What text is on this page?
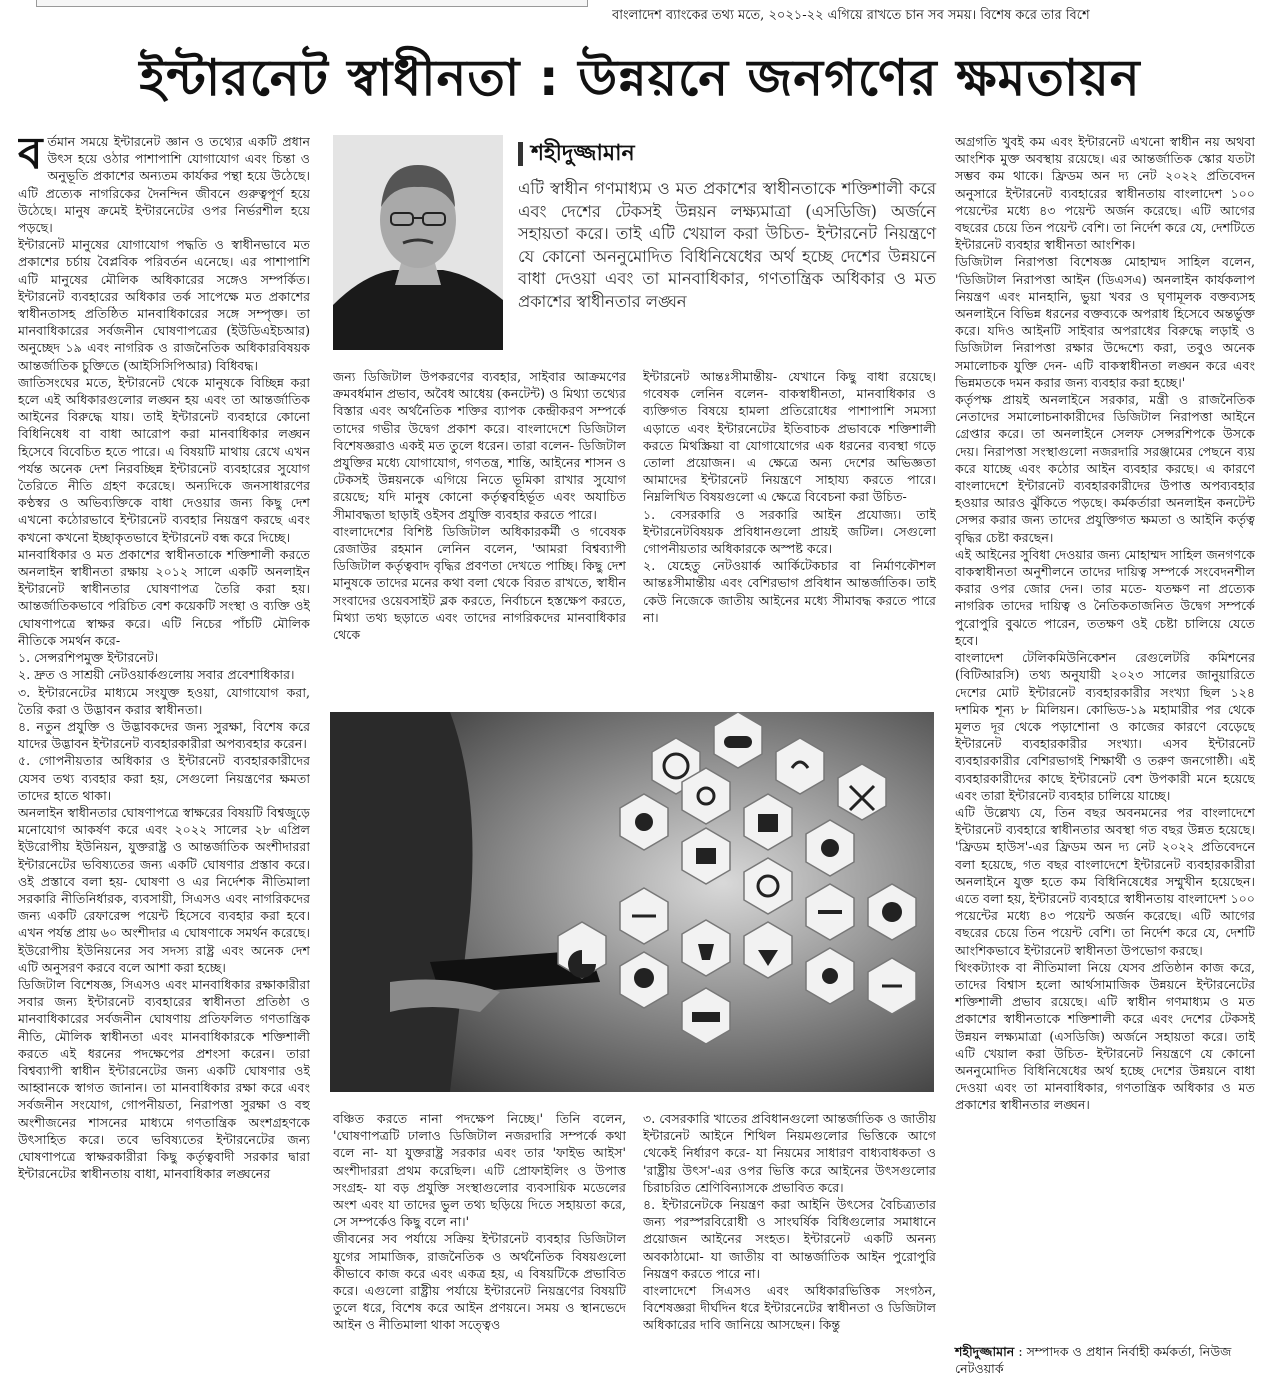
বাংলাদেশ ব্যাংকের তথ্য মতে, ২০২১-২২ এগিয়ে রাখতে চান সব সময়। বিশেষ করে তার বিশে
ইন্টারনেট স্বাধীনতা : উন্নয়নে জনগণের ক্ষমতায়ন

বর্তমান সময়ে ইন্টারনেট জ্ঞান ও তথ্যের একটি প্রধান উৎস হয়ে ওঠার পাশাপাশি যোগাযোগ এবং চিন্তা ও অনুভূতি প্রকাশের অন্যতম কার্যকর পন্থা হয়ে উঠেছে। এটি প্রত্যেক নাগরিকের দৈনন্দিন জীবনে গুরুত্বপূর্ণ হয়ে উঠেছে। মানুষ ক্রমেই ইন্টারনেটের ওপর নির্ভরশীল হয়ে পড়ছে।

ইন্টারনেট মানুষের যোগাযোগ পদ্ধতি ও স্বাধীনভাবে মত প্রকাশের চর্চায় বৈপ্লবিক পরিবর্তন এনেছে। এর পাশাপাশি এটি মানুষের মৌলিক অধিকারের সঙ্গেও সম্পর্কিত। ইন্টারনেট ব্যবহারের অধিকার তর্ক সাপেক্ষে মত প্রকাশের স্বাধীনতাসহ প্রতিষ্ঠিত মানবাধিকারের সঙ্গে সম্পৃক্ত। তা মানবাধিকারের সর্বজনীন ঘোষণাপত্রের (ইউডিএইচআর) অনুচ্ছেদ ১৯ এবং নাগরিক ও রাজনৈতিক অধিকারবিষয়ক আন্তর্জাতিক চুক্তিতে (আইসিসিপিআর) বিধিবদ্ধ।

জাতিসংঘের মতে, ইন্টারনেট থেকে মানুষকে বিচ্ছিন্ন করা হলে এই অধিকারগুলোর লঙ্ঘন হয় এবং তা আন্তর্জাতিক আইনের বিরুদ্ধে যায়। তাই ইন্টারনেট ব্যবহারে কোনো বিধিনিষেধ বা বাধা আরোপ করা মানবাধিকার লঙ্ঘন হিসেবে বিবেচিত হতে পারে। এ বিষয়টি মাথায় রেখে এখন পর্যন্ত অনেক দেশ নিরবচ্ছিন্ন ইন্টারনেট ব্যবহারের সুযোগ তৈরিতে নীতি গ্রহণ করেছে। অন্যদিকে জনসাধারণের কণ্ঠস্বর ও অভিব্যক্তিকে বাধা দেওয়ার জন্য কিছু দেশ এখনো কঠোরভাবে ইন্টারনেট ব্যবহার নিয়ন্ত্রণ করছে এবং কখনো কখনো ইচ্ছাকৃতভাবে ইন্টারনেট বন্ধ করে দিচ্ছে।

মানবাধিকার ও মত প্রকাশের স্বাধীনতাকে শক্তিশালী করতে অনলাইন স্বাধীনতা রক্ষায় ২০১২ সালে একটি অনলাইন ইন্টারনেট স্বাধীনতার ঘোষণাপত্র তৈরি করা হয়। আন্তর্জাতিকভাবে পরিচিত বেশ কয়েকটি সংস্থা ও ব্যক্তি ওই ঘোষণাপত্রে স্বাক্ষর করে। এটি নিচের পাঁচটি মৌলিক নীতিকে সমর্থন করে-

১. সেন্সরশিপমুক্ত ইন্টারনেট।

২. দ্রুত ও সাশ্রয়ী নেটওয়ার্কগুলোয় সবার প্রবেশাধিকার।

৩. ইন্টারনেটের মাধ্যমে সংযুক্ত হওয়া, যোগাযোগ করা, তৈরি করা ও উদ্ভাবন করার স্বাধীনতা।

৪. নতুন প্রযুক্তি ও উদ্ভাবকদের জন্য সুরক্ষা, বিশেষ করে যাদের উদ্ভাবন ইন্টারনেট ব্যবহারকারীরা অপব্যবহার করেন।

৫. গোপনীয়তার অধিকার ও ইন্টারনেট ব্যবহারকারীদের যেসব তথ্য ব্যবহার করা হয়, সেগুলো নিয়ন্ত্রণের ক্ষমতা তাদের হাতে থাকা।

অনলাইন স্বাধীনতার ঘোষণাপত্রে স্বাক্ষরের বিষয়টি বিশ্বজুড়ে মনোযোগ আকর্ষণ করে এবং ২০২২ সালের ২৮ এপ্রিল ইউরোপীয় ইউনিয়ন, যুক্তরাষ্ট্র ও আন্তর্জাতিক অংশীদাররা ইন্টারনেটের ভবিষ্যতের জন্য একটি ঘোষণার প্রস্তাব করে। ওই প্রস্তাবে বলা হয়- ঘোষণা ও এর নির্দেশক নীতিমালা সরকারি নীতিনির্ধারক, ব্যবসায়ী, সিএসও এবং নাগরিকদের জন্য একটি রেফারেন্স পয়েন্ট হিসেবে ব্যবহার করা হবে। এখন পর্যন্ত প্রায় ৬০ অংশীদার এ ঘোষণাকে সমর্থন করেছে। ইউরোপীয় ইউনিয়নের সব সদস্য রাষ্ট্র এবং অনেক দেশ এটি অনুসরণ করবে বলে আশা করা হচ্ছে।

ডিজিটাল বিশেষজ্ঞ, সিএসও এবং মানবাধিকার রক্ষাকারীরা সবার জন্য ইন্টারনেট ব্যবহারের স্বাধীনতা প্রতিষ্ঠা ও মানবাধিকারের সর্বজনীন ঘোষণায় প্রতিফলিত গণতান্ত্রিক নীতি, মৌলিক স্বাধীনতা এবং মানবাধিকারকে শক্তিশালী করতে এই ধরনের পদক্ষেপের প্রশংসা করেন। তারা বিশ্বব্যাপী স্বাধীন ইন্টারনেটের জন্য একটি ঘোষণার ওই আহ্বানকে স্বাগত জানান। তা মানবাধিকার রক্ষা করে এবং সর্বজনীন সংযোগ, গোপনীয়তা, নিরাপত্তা সুরক্ষা ও বহু অংশীজনের শাসনের মাধ্যমে গণতান্ত্রিক অংশগ্রহণকে উৎসাহিত করে। তবে ভবিষ্যতের ইন্টারনেটের জন্য ঘোষণাপত্রে স্বাক্ষরকারীরা কিছু কর্তৃত্ববাদী সরকার দ্বারা ইন্টারনেটের স্বাধীনতায় বাধা, মানবাধিকার লঙ্ঘনের

শহীদুজ্জামান
এটি স্বাধীন গণমাধ্যম ও মত প্রকাশের স্বাধীনতাকে শক্তিশালী করে এবং দেশের টেকসই উন্নয়ন লক্ষ্যমাত্রা (এসডিজি) অর্জনে সহায়তা করে। তাই এটি খেয়াল করা উচিত- ইন্টারনেট নিয়ন্ত্রণে যে কোনো অননুমোদিত বিধিনিষেধের অর্থ হচ্ছে দেশের উন্নয়নে বাধা দেওয়া এবং তা মানবাধিকার, গণতান্ত্রিক অধিকার ও মত প্রকাশের স্বাধীনতার লঙ্ঘন

জন্য ডিজিটাল উপকরণের ব্যবহার, সাইবার আক্রমণের ক্রমবর্ধমান প্রভাব, অবৈধ আধেয় (কনটেন্ট) ও মিথ্যা তথ্যের বিস্তার এবং অর্থনৈতিক শক্তির ব্যাপক কেন্দ্রীকরণ সম্পর্কে তাদের গভীর উদ্বেগ প্রকাশ করে। বাংলাদেশে ডিজিটাল বিশেষজ্ঞরাও একই মত তুলে ধরেন। তারা বলেন- ডিজিটাল প্রযুক্তির মধ্যে যোগাযোগ, গণতন্ত্র, শান্তি, আইনের শাসন ও টেকসই উন্নয়নকে এগিয়ে নিতে ভূমিকা রাখার সুযোগ রয়েছে; যদি মানুষ কোনো কর্তৃত্ববহির্ভূত এবং অযাচিত সীমাবদ্ধতা ছাড়াই ওইসব প্রযুক্তি ব্যবহার করতে পারে।

বাংলাদেশের বিশিষ্ট ডিজিটাল অধিকারকর্মী ও গবেষক রেজাউর রহমান লেনিন বলেন, 'আমরা বিশ্বব্যাপী ডিজিটাল কর্তৃত্ববাদ বৃদ্ধির প্রবণতা দেখতে পাচ্ছি। কিছু দেশ মানুষকে তাদের মনের কথা বলা থেকে বিরত রাখতে, স্বাধীন সংবাদের ওয়েবসাইট ব্লক করতে, নির্বাচনে হস্তক্ষেপ করতে, মিথ্যা তথ্য ছড়াতে এবং তাদের নাগরিকদের মানবাধিকার থেকে

ইন্টারনেট আন্তঃসীমান্তীয়- যেখানে কিছু বাধা রয়েছে। গবেষক লেনিন বলেন- বাকস্বাধীনতা, মানবাধিকার ও ব্যক্তিগত বিষয়ে হামলা প্রতিরোধের পাশাপাশি সমস্যা এড়াতে এবং ইন্টারনেটের ইতিবাচক প্রভাবকে শক্তিশালী করতে মিথস্ক্রিয়া বা যোগাযোগের এক ধরনের ব্যবস্থা গড়ে তোলা প্রয়োজন। এ ক্ষেত্রে অন্য দেশের অভিজ্ঞতা আমাদের ইন্টারনেট নিয়ন্ত্রণে সাহায্য করতে পারে। নিম্নলিখিত বিষয়গুলো এ ক্ষেত্রে বিবেচনা করা উচিত-

১. বেসরকারি ও সরকারি আইন প্রযোজ্য। তাই ইন্টারনেটবিষয়ক প্রবিধানগুলো প্রায়ই জটিল। সেগুলো গোপনীয়তার অধিকারকে অস্পষ্ট করে।

২. যেহেতু নেটওয়ার্ক আর্কিটেকচার বা নির্মাণকৌশল আন্তঃসীমান্তীয় এবং বেশিরভাগ প্রবিধান আন্তর্জাতিক। তাই কেউ নিজেকে জাতীয় আইনের মধ্যে সীমাবদ্ধ করতে পারে না।

বঞ্চিত করতে নানা পদক্ষেপ নিচ্ছে।' তিনি বলেন, 'ঘোষণাপত্রটি ঢালাও ডিজিটাল নজরদারি সম্পর্কে কথা বলে না- যা যুক্তরাষ্ট্র সরকার এবং তার 'ফাইভ আইস' অংশীদাররা প্রথম করেছিল। এটি প্রোফাইলিং ও উপাত্ত সংগ্রহ- যা বড় প্রযুক্তি সংস্থাগুলোর ব্যবসায়িক মডেলের অংশ এবং যা তাদের ভুল তথ্য ছড়িয়ে দিতে সহায়তা করে, সে সম্পর্কেও কিছু বলে না।'

জীবনের সব পর্যায়ে সক্রিয় ইন্টারনেট ব্যবহার ডিজিটাল যুগের সামাজিক, রাজনৈতিক ও অর্থনৈতিক বিষয়গুলো কীভাবে কাজ করে এবং একত্র হয়, এ বিষয়টিকে প্রভাবিত করে। এগুলো রাষ্ট্রীয় পর্যায়ে ইন্টারনেট নিয়ন্ত্রণের বিষয়টি তুলে ধরে, বিশেষ করে আইন প্রণয়নে। সময় ও স্থানভেদে আইন ও নীতিমালা থাকা সত্ত্বেও

৩. বেসরকারি খাতের প্রবিধানগুলো আন্তর্জাতিক ও জাতীয় ইন্টারনেট আইনে শিথিল নিয়মগুলোর ভিত্তিকে আগে থেকেই নির্ধারণ করে- যা নিয়মের সাধারণ বাধ্যবাধকতা ও 'রাষ্ট্রীয় উৎস'-এর ওপর ভিত্তি করে আইনের উৎসগুলোর চিরাচরিত শ্রেণিবিন্যাসকে প্রভাবিত করে।

৪. ইন্টারনেটকে নিয়ন্ত্রণ করা আইনি উৎসের বৈচিত্র্যতার জন্য পরস্পরবিরোধী ও সাংঘর্ষিক বিধিগুলোর সমাধানে প্রয়োজন আইনের সংহত। ইন্টারনেট একটি অনন্য অবকাঠামো- যা জাতীয় বা আন্তর্জাতিক আইন পুরোপুরি নিয়ন্ত্রণ করতে পারে না।

বাংলাদেশে সিএসও এবং অধিকারভিত্তিক সংগঠন, বিশেষজ্ঞরা দীর্ঘদিন ধরে ইন্টারনেটের স্বাধীনতা ও ডিজিটাল অধিকারের দাবি জানিয়ে আসছেন। কিন্তু

অগ্রগতি খুবই কম এবং ইন্টারনেট এখনো স্বাধীন নয় অথবা আংশিক মুক্ত অবস্থায় রয়েছে। এর আন্তর্জাতিক স্কোর যতটা সম্ভব কম থাকে। ফ্রিডম অন দ্য নেট ২০২২ প্রতিবেদন অনুসারে ইন্টারনেট ব্যবহারের স্বাধীনতায় বাংলাদেশ ১০০ পয়েন্টের মধ্যে ৪৩ পয়েন্ট অর্জন করেছে। এটি আগের বছরের চেয়ে তিন পয়েন্ট বেশি। তা নির্দেশ করে যে, দেশটিতে ইন্টারনেট ব্যবহার স্বাধীনতা আংশিক।

ডিজিটাল নিরাপত্তা বিশেষজ্ঞ মোহাম্মদ সাহিল বলেন, 'ডিজিটাল নিরাপত্তা আইন (ডিএসএ) অনলাইন কার্যকলাপ নিয়ন্ত্রণ এবং মানহানি, ভুয়া খবর ও ঘৃণামূলক বক্তব্যসহ অনলাইনে বিভিন্ন ধরনের বক্তব্যকে অপরাধ হিসেবে অন্তর্ভুক্ত করে। যদিও আইনটি সাইবার অপরাধের বিরুদ্ধে লড়াই ও ডিজিটাল নিরাপত্তা রক্ষার উদ্দেশ্যে করা, তবুও অনেক সমালোচক যুক্তি দেন- এটি বাকস্বাধীনতা লঙ্ঘন করে এবং ভিন্নমতকে দমন করার জন্য ব্যবহার করা হচ্ছে।'

কর্তৃপক্ষ প্রায়ই অনলাইনে সরকার, মন্ত্রী ও রাজনৈতিক নেতাদের সমালোচনাকারীদের ডিজিটাল নিরাপত্তা আইনে গ্রেপ্তার করে। তা অনলাইনে সেলফ সেন্সরশিপকে উসকে দেয়। নিরাপত্তা সংস্থাগুলো নজরদারি সরঞ্জামের পেছনে ব্যয় করে যাচ্ছে এবং কঠোর আইন ব্যবহার করছে। এ কারণে বাংলাদেশে ইন্টারনেট ব্যবহারকারীদের উপাত্ত অপব্যবহার হওয়ার আরও ঝুঁকিতে পড়ছে। কর্মকর্তারা অনলাইন কনটেন্ট সেন্সর করার জন্য তাদের প্রযুক্তিগত ক্ষমতা ও আইনি কর্তৃত্ব বৃদ্ধির চেষ্টা করছেন।

এই আইনের সুবিধা দেওয়ার জন্য মোহাম্মদ সাহিল জনগণকে বাকস্বাধীনতা অনুশীলনে তাদের দায়িত্ব সম্পর্কে সংবেদনশীল করার ওপর জোর দেন। তার মতে- যতক্ষণ না প্রত্যেক নাগরিক তাদের দায়িত্ব ও নৈতিকতাজনিত উদ্বেগ সম্পর্কে পুরোপুরি বুঝতে পারেন, ততক্ষণ ওই চেষ্টা চালিয়ে যেতে হবে।

বাংলাদেশ টেলিকমিউনিকেশন রেগুলেটরি কমিশনের (বিটিআরসি) তথ্য অনুযায়ী ২০২৩ সালের জানুয়ারিতে দেশের মোট ইন্টারনেট ব্যবহারকারীর সংখ্যা ছিল ১২৪ দশমিক শূন্য ৮ মিলিয়ন। কোভিড-১৯ মহামারীর পর থেকে মূলত দূর থেকে পড়াশোনা ও কাজের কারণে বেড়েছে ইন্টারনেট ব্যবহারকারীর সংখ্যা। এসব ইন্টারনেট ব্যবহারকারীর বেশিরভাগই শিক্ষার্থী ও তরুণ জনগোষ্ঠী। এই ব্যবহারকারীদের কাছে ইন্টারনেট বেশ উপকারী মনে হয়েছে এবং তারা ইন্টারনেট ব্যবহার চালিয়ে যাচ্ছে।

এটি উল্লেখ্য যে, তিন বছর অবনমনের পর বাংলাদেশে ইন্টারনেট ব্যবহারে স্বাধীনতার অবস্থা গত বছর উন্নত হয়েছে। 'ফ্রিডম হাউস'-এর ফ্রিডম অন দ্য নেট ২০২২ প্রতিবেদনে বলা হয়েছে, গত বছর বাংলাদেশে ইন্টারনেট ব্যবহারকারীরা অনলাইনে যুক্ত হতে কম বিধিনিষেধের সম্মুখীন হয়েছেন। এতে বলা হয়, ইন্টারনেট ব্যবহারে স্বাধীনতায় বাংলাদেশ ১০০ পয়েন্টের মধ্যে ৪৩ পয়েন্ট অর্জন করেছে। এটি আগের বছরের চেয়ে তিন পয়েন্ট বেশি। তা নির্দেশ করে যে, দেশটি আংশিকভাবে ইন্টারনেট স্বাধীনতা উপভোগ করছে।

থিংকট্যাংক বা নীতিমালা নিয়ে যেসব প্রতিষ্ঠান কাজ করে, তাদের বিশ্বাস হলো আর্থসামাজিক উন্নয়নে ইন্টারনেটের শক্তিশালী প্রভাব রয়েছে। এটি স্বাধীন গণমাধ্যম ও মত প্রকাশের স্বাধীনতাকে শক্তিশালী করে এবং দেশের টেকসই উন্নয়ন লক্ষ্যমাত্রা (এসডিজি) অর্জনে সহায়তা করে। তাই এটি খেয়াল করা উচিত- ইন্টারনেট নিয়ন্ত্রণে যে কোনো অননুমোদিত বিধিনিষেধের অর্থ হচ্ছে দেশের উন্নয়নে বাধা দেওয়া এবং তা মানবাধিকার, গণতান্ত্রিক অধিকার ও মত প্রকাশের স্বাধীনতার লঙ্ঘন।

শহীদুজ্জামান : সম্পাদক ও প্রধান নির্বাহী কর্মকর্তা, নিউজ নেটওয়ার্ক
